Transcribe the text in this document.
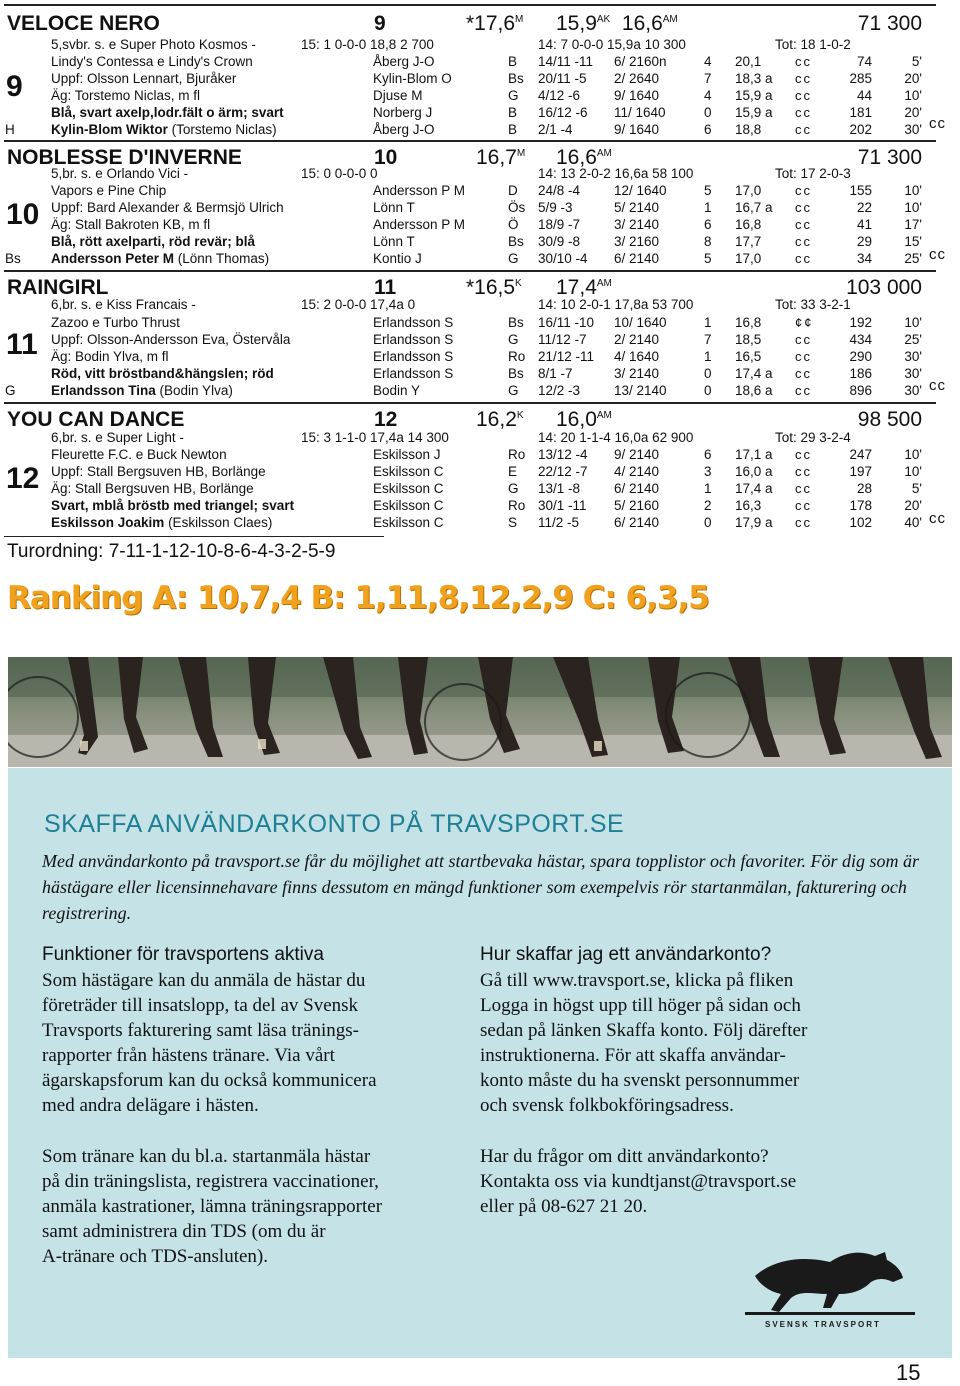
VELOCE NERO	9	$*17,6^M$ $15,9^{AK}$ $16,6^{AM}$	71 300
5,svbr. s. e Super Photo Kosmos -	15: 1 0-0-0 18,8 2 700	14: 7 0-0-0 15,9a 10 300	Tot: 18 1-0-2
9
Lindy's Contessa e Lindy's Crown	Åberg J-O	B 14/11 -11 6/ 2160n	4 20,1	cc	74	5'
Uppf: Olsson Lennart, Bjuråker	Kylin-Blom O	Bs 20/11 -5 2/ 2640	7 18,3 a cc	285	20'
Äg: Torstemo Niclas, m fl	Djuse M	G 4/12 -6	9/ 1640	4 15,9 a cc	44	10'
Blå, svart axelp,lodr.fält o ärm; svart	Norberg J	B 16/12 -6 11/ 1640	0 15,9 a cc	181	20'
H	Kylin-Blom Wiktor (Torstemo Niclas)	Åberg J-O	B 2/1 -4	9/ 1640	6 18,8	cc	202	30' cc
NOBLESSE D'INVERNE	10	$16,7^M$ $16,6^{AM}$	71 300
5,br. s. e Orlando Vici -	15: 0 0-0-0 0	14: 13 2-0-2 16,6a 58 100	Tot: 17 2-0-3
10
Vapors e Pine Chip	Andersson P M	D 24/8 -4	12/ 1640	5 17,0	cc	155	10'
Uppf: Bard Alexander & Bermsjö Ulrich	Lönn T	Ös 5/9 -3	5/ 2140	1 16,7 a cc	22	10'
Äg: Stall Bakroten KB, m fl	Andersson P M	Ö 18/9 -7	3/ 2140	6 16,8	cc	41	17'
Blå, rött axelparti, röd revär; blå	Lönn T	Bs 30/9 -8	3/ 2160	8 17,7	cc	29	15'
Bs Andersson Peter M (Lönn Thomas)	Kontio J	G 30/10 -4 6/ 2140	5 17,0	cc	34	25' cc
RAINGIRL	11	$*16,5^K$ $17,4^{AM}$	103 000
6,br. s. e Kiss Francais -	15: 2 0-0-0 17,4a 0	14: 10 2-0-1 17,8a 53 700	Tot: 33 3-2-1
11
Zazoo e Turbo Thrust	Erlandsson S	Bs 16/11 -10 10/ 1640	1 16,8	¢¢	192	10'
Uppf: Olsson-Andersson Eva, Östervåla	Erlandsson S	G 11/12 -7 2/ 2140	7 18,5	cc	434	25'
Äg: Bodin Ylva, m fl	Erlandsson S	Ro 21/12 -11 4/ 1640	1 16,5	cc	290	30'
Röd, vitt bröstband&hängslen; röd	Erlandsson S	Bs 8/1 -7	3/ 2140	0 17,4 a cc	186	30'
G	Erlandsson Tina (Bodin Ylva)	Bodin Y	G 12/2 -3	13/ 2140	0 18,6 a cc	896	30' cc
YOU CAN DANCE	12	$16,2^K$ $16,0^{AM}$	98 500
6,br. s. e Super Light -	15: 3 1-1-0 17,4a 14 300	14: 20 1-1-4 16,0a 62 900	Tot: 29 3-2-4
12
Fleurette F.C. e Buck Newton	Eskilsson J	Ro 13/12 -4 9/ 2140	6 17,1 a cc	247	10'
Uppf: Stall Bergsuven HB, Borlänge	Eskilsson C	E 22/12 -7 4/ 2140	3 16,0 a cc	197	10'
Äg: Stall Bergsuven HB, Borlänge	Eskilsson C	G 13/1 -8	6/ 2140	1 17,4 a cc	28	5'
Svart, mblå bröstb med triangel; svart	Eskilsson C	Ro 30/1 -11 5/ 2160	2 16,3	cc	178	20'
Eskilsson Joakim (Eskilsson Claes)	Eskilsson C	S 11/2 -5	6/ 2140	0 17,9 a cc	102	40' cc
Turordning: 7-11-1-12-10-8-6-4-3-2-5-9
Ranking A: 10,7,4 B: 1,11,8,12,2,9 C: 6,3,5
SKAFFA ANVÄNDARKONTO PÅ TRAVSPORT.SE
Med användarkonto på travsport.se får du möjlighet att startbevaka hästar, spara topplistor och favoriter. För dig som är hästägare eller licensinnehavare finns dessutom en mängd funktioner som exempelvis rör startanmälan, fakturering och registrering.
Funktioner för travsportens aktiva
Som hästägare kan du anmäla de hästar du
företräder till insatslopp, ta del av Svensk
Travsports fakturering samt läsa tränings-
rapporter från hästens tränare. Via vårt
ägarskapsforum kan du också kommunicera
med andra delägare i hästen.
Som tränare kan du bl.a. startanmäla hästar
på din träningslista, registrera vaccinationer,
anmäla kastrationer, lämna träningsrapporter
samt administrera din TDS (om du är
A-tränare och TDS-ansluten).
Hur skaffar jag ett användarkonto?
Gå till www.travsport.se, klicka på fliken
Logga in högst upp till höger på sidan och
sedan på länken Skaffa konto. Följ därefter
instruktionerna. För att skaffa användar-
konto måste du ha svenskt personnummer
och svensk folkbokföringsadress.
Har du frågor om ditt användarkonto?
Kontakta oss via kundtjanst@travsport.se
eller på 08-627 21 20.
SVENSK TRAVSPORT
15
